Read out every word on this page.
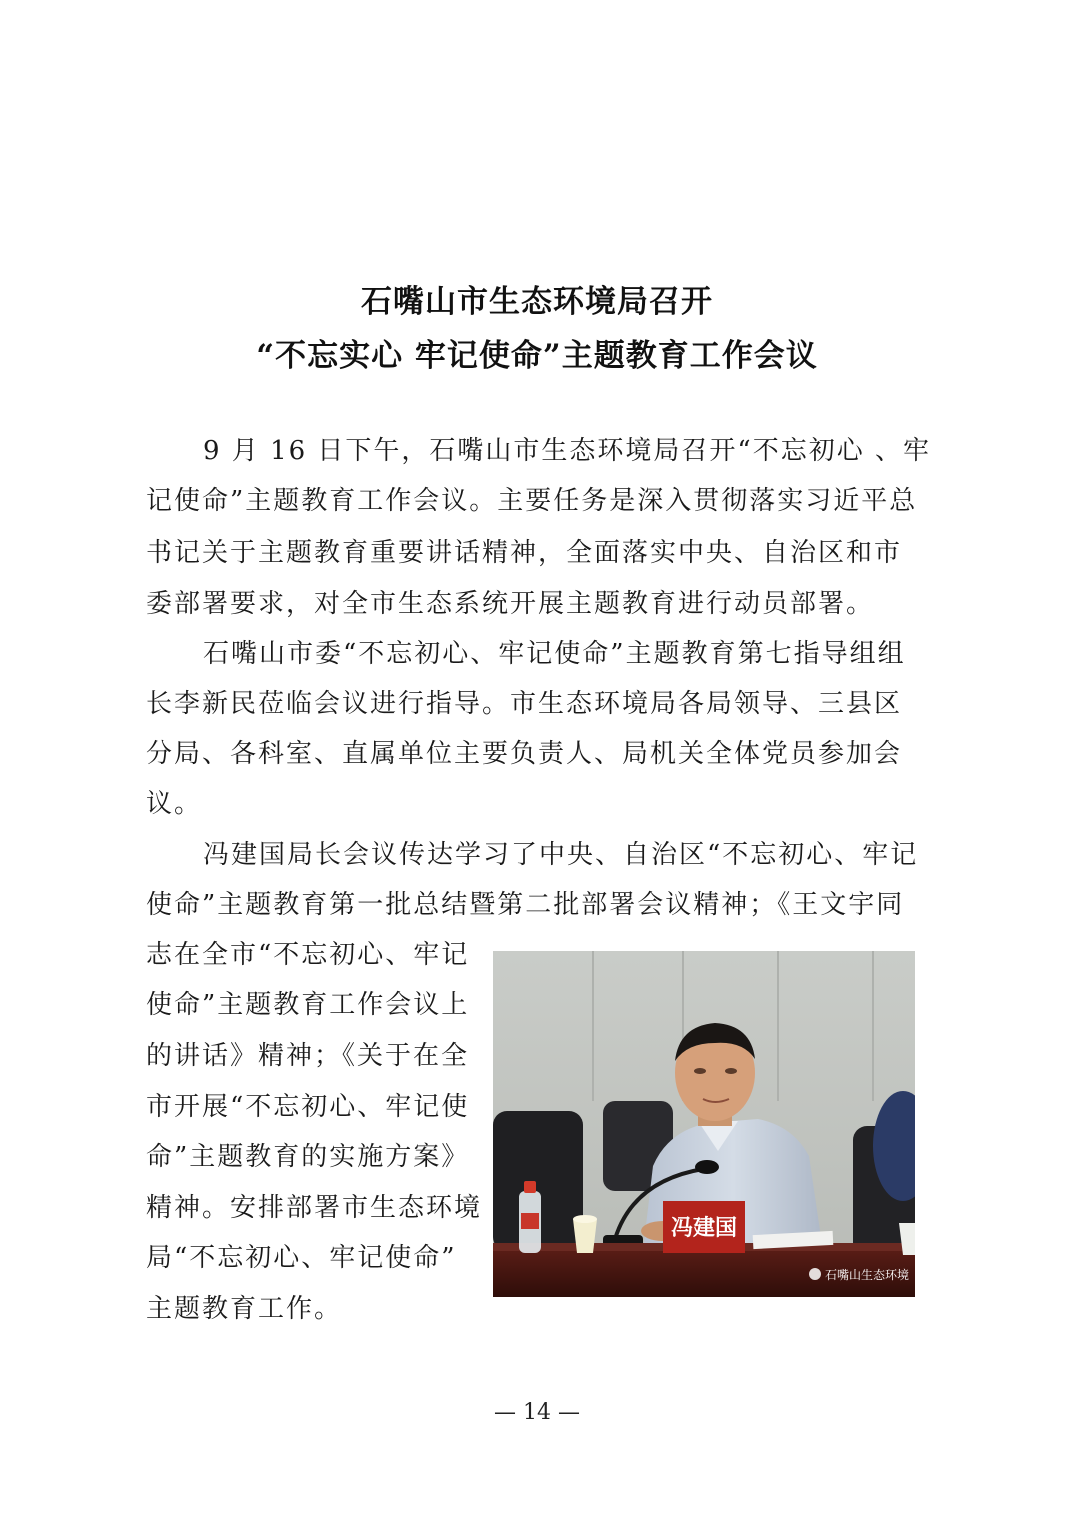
石嘴山市生态环境局召开
“不忘实心 牢记使命”主题教育工作会议
9 月 16 日下午，石嘴山市生态环境局召开“不忘初心 、牢
记使命”主题教育工作会议。主要任务是深入贯彻落实习近平总
书记关于主题教育重要讲话精神，全面落实中央、自治区和市
委部署要求，对全市生态系统开展主题教育进行动员部署。
石嘴山市委“不忘初心、牢记使命”主题教育第七指导组组
长李新民莅临会议进行指导。市生态环境局各局领导、三县区
分局、各科室、直属单位主要负责人、局机关全体党员参加会
议。
冯建国局长会议传达学习了中央、自治区“不忘初心、牢记
使命”主题教育第一批总结暨第二批部署会议精神；《王文宇同
志在全市“不忘初心、牢记
使命”主题教育工作会议上
的讲话》精神；《关于在全
市开展“不忘初心、牢记使
命”主题教育的实施方案》
精神。安排部署市生态环境
局“不忘初心、牢记使命”
主题教育工作。
冯建国
石嘴山生态环境
— 14 —
